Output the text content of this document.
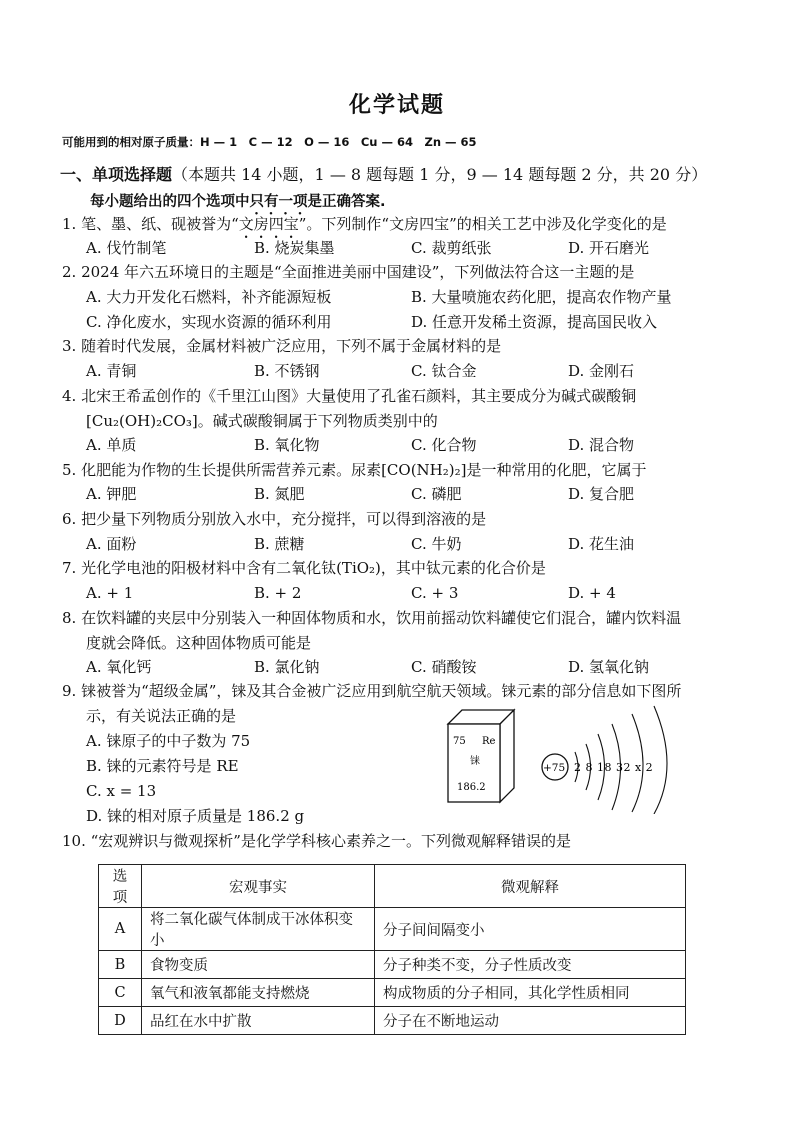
化学试题
可能用到的相对原子质量：H — 1　C — 12　O — 16　Cu — 64　Zn — 65
一、单项选择题（本题共 14 小题，1 — 8 题每题 1 分，9 — 14 题每题 2 分，共 20 分）
每小题给出的四个选项中只有一项是正确答案.
1. 笔、墨、纸、砚被誉为“文房四宝”。下列制作“文房四宝”的相关工艺中涉及化学变化的是
A. 伐竹制笔	B. 烧炭集墨	C. 裁剪纸张	D. 开石磨光
2. 2024 年六五环境日的主题是“全面推进美丽中国建设”，下列做法符合这一主题的是
A. 大力开发化石燃料，补齐能源短板	B. 大量喷施农药化肥，提高农作物产量
C. 净化废水，实现水资源的循环利用	D. 任意开发稀土资源，提高国民收入
3. 随着时代发展，金属材料被广泛应用，下列不属于金属材料的是
A. 青铜	B. 不锈钢	C. 钛合金	D. 金刚石
4. 北宋王希孟创作的《千里江山图》大量使用了孔雀石颜料，其主要成分为碱式碳酸铜
[Cu₂(OH)₂CO₃]。碱式碳酸铜属于下列物质类别中的
A. 单质	B. 氧化物	C. 化合物	D. 混合物
5. 化肥能为作物的生长提供所需营养元素。尿素[CO(NH₂)₂]是一种常用的化肥，它属于
A. 钾肥	B. 氮肥	C. 磷肥	D. 复合肥
6. 把少量下列物质分别放入水中，充分搅拌，可以得到溶液的是
A. 面粉	B. 蔗糖	C. 牛奶	D. 花生油
7. 光化学电池的阳极材料中含有二氧化钛(TiO₂)，其中钛元素的化合价是
A. + 1	B. + 2	C. + 3	D. + 4
8. 在饮料罐的夹层中分别装入一种固体物质和水，饮用前摇动饮料罐使它们混合，罐内饮料温
度就会降低。这种固体物质可能是
A. 氧化钙	B. 氯化钠	C. 硝酸铵	D. 氢氧化钠
9. 铼被誉为“超级金属”，铼及其合金被广泛应用到航空航天领域。铼元素的部分信息如下图所
示，有关说法正确的是
A. 铼原子的中子数为 75
B. 铼的元素符号是 RE
C. x = 13
D. 铼的相对原子质量是 186.2 g
75 Re
铼
186.2
+75 2 8 18 32 x 2
10. “宏观辨识与微观探析”是化学学科核心素养之一。下列微观解释错误的是
选项	宏观事实	微观解释
A	将二氧化碳气体制成干冰体积变小	分子间间隔变小
B	食物变质	分子种类不变，分子性质改变
C	氧气和液氧都能支持燃烧	构成物质的分子相同，其化学性质相同
D	品红在水中扩散	分子在不断地运动
